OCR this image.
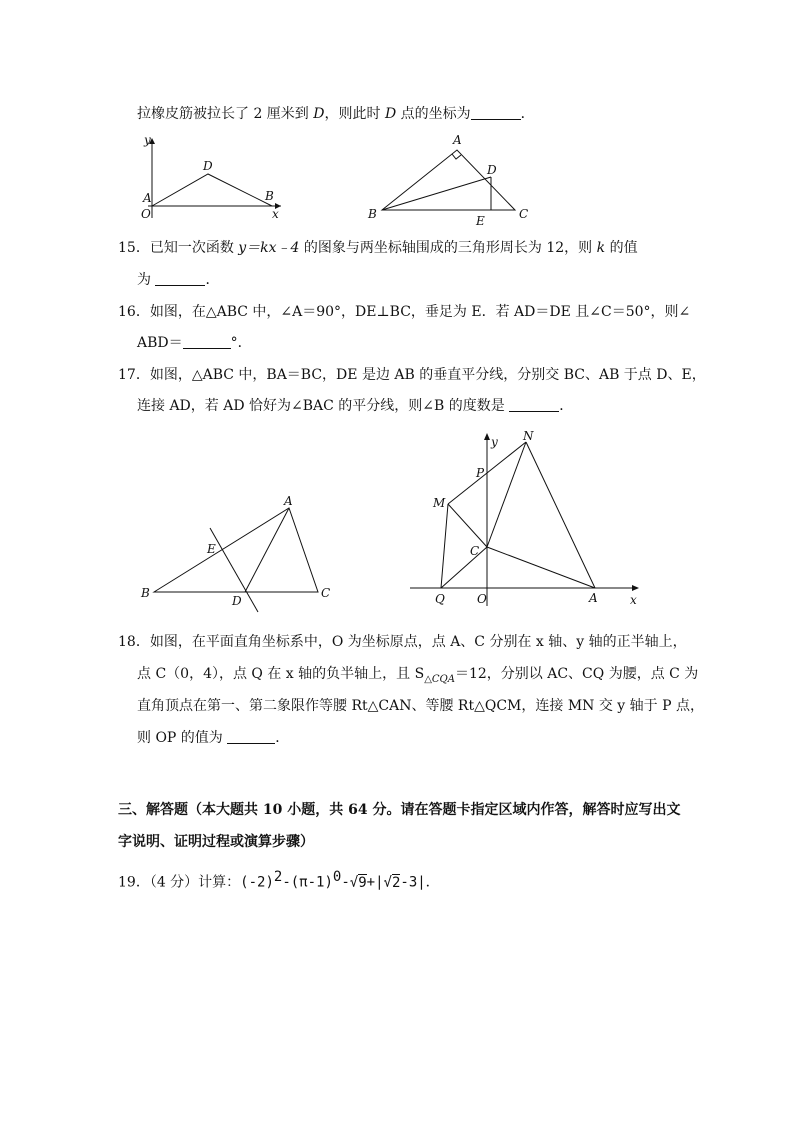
拉橡皮筋被拉长了 2 厘米到 D，则此时 D 点的坐标为	．
y
D
A	B
O	x
A
D
B	E	C
15．已知一次函数 y＝kx﹣4 的图象与两坐标轴围成的三角形周长为 12，则 k 的值
为	．
16．如图，在△ABC 中，∠A＝90°，DE⊥BC，垂足为 E．若 AD＝DE 且∠C＝50°，则∠
ABD＝	°．
17．如图，△ABC 中，BA＝BC，DE 是边 AB 的垂直平分线，分别交 BC、AB 于点 D、E，
连接 AD，若 AD 恰好为∠BAC 的平分线，则∠B 的度数是	．
A
E
B
D
C
y N
P
M
C
Q	O	A	x
18．如图，在平面直角坐标系中，O 为坐标原点，点 A、C 分别在 x 轴、y 轴的正半轴上，
点 C（0，4），点 Q 在 x 轴的负半轴上，且 $S_{\triangle CQA}=12$，分别以 AC、CQ 为腰，点 C 为
直角顶点在第一、第二象限作等腰 Rt△CAN、等腰 Rt△QCM，连接 MN 交 y 轴于 P 点，
则 OP 的值为	．
三、解答题（本大题共 10 小题，共 64 分。请在答题卡指定区域内作答，解答时应写出文
字说明、证明过程或演算步骤）
19．（4 分）计算：$(-2)^2-(\pi-1)^0-√9+|√2-3|$．
